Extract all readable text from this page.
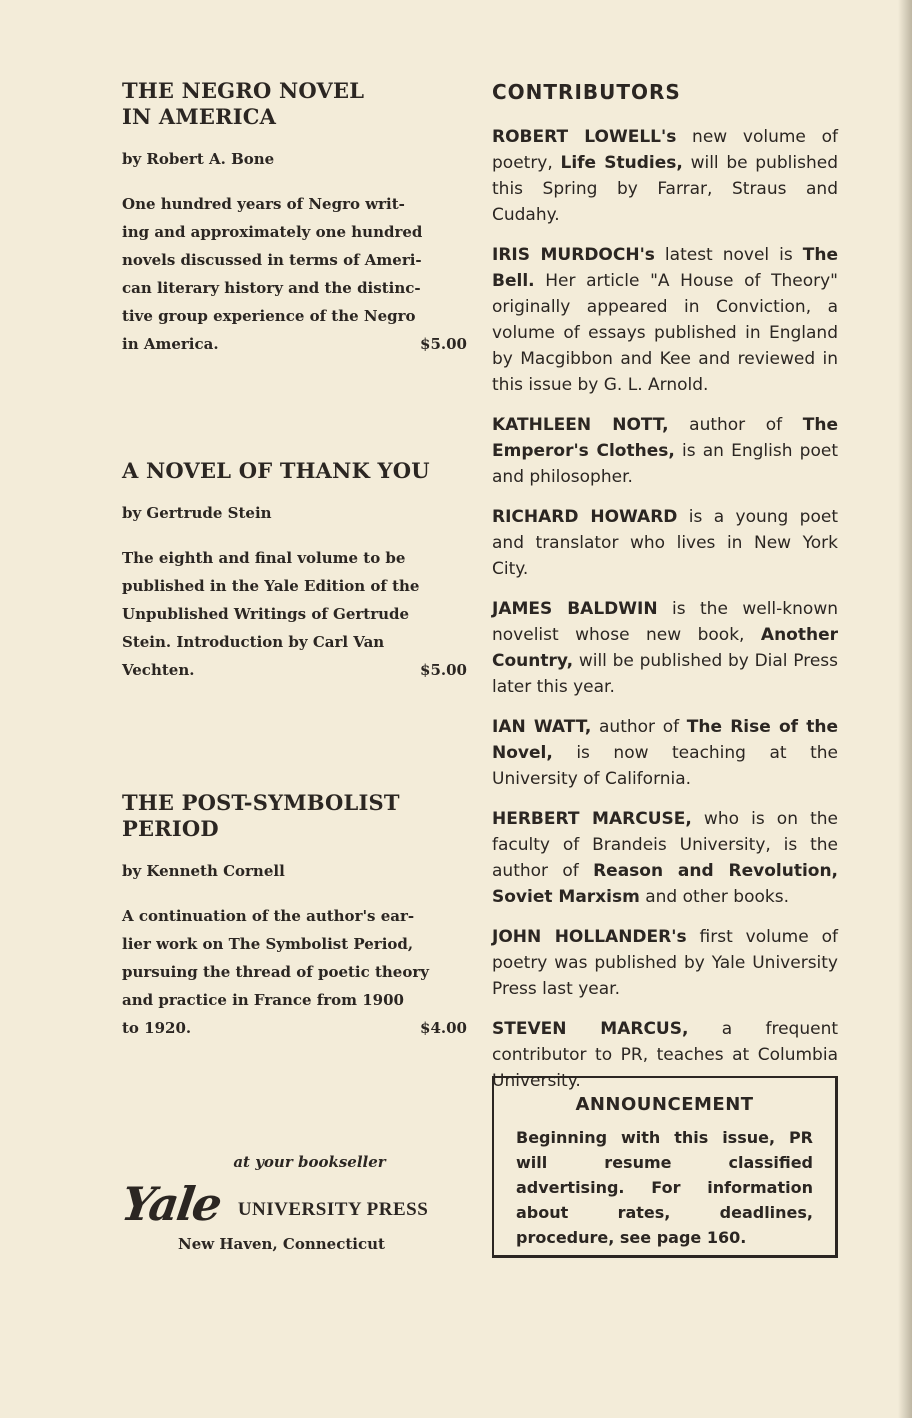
THE NEGRO NOVEL
IN AMERICA
by Robert A. Bone
One hundred years of Negro writ-
ing and approximately one hundred
novels discussed in terms of Ameri-
can literary history and the distinc-
tive group experience of the Negro
in America.	$5.00
A NOVEL OF THANK YOU
by Gertrude Stein
The eighth and final volume to be
published in the Yale Edition of the
Unpublished Writings of Gertrude
Stein. Introduction by Carl Van
Vechten.	$5.00
THE POST-SYMBOLIST
PERIOD
by Kenneth Cornell
A continuation of the author's ear-
lier work on The Symbolist Period,
pursuing the thread of poetic theory
and practice in France from 1900
to 1920.	$4.00
at your bookseller
Yale UNIVERSITY PRESS
New Haven, Connecticut
CONTRIBUTORS
ROBERT LOWELL's new volume of poetry, Life Studies, will be published this Spring by Farrar, Straus and Cudahy.
IRIS MURDOCH's latest novel is The Bell. Her article "A House of Theory" originally appeared in Conviction, a volume of essays published in England by Macgibbon and Kee and reviewed in this issue by G. L. Arnold.
KATHLEEN NOTT, author of The Emperor's Clothes, is an English poet and philosopher.
RICHARD HOWARD is a young poet and translator who lives in New York City.
JAMES BALDWIN is the well-known novelist whose new book, Another Country, will be published by Dial Press later this year.
IAN WATT, author of The Rise of the Novel, is now teaching at the University of California.
HERBERT MARCUSE, who is on the faculty of Brandeis University, is the author of Reason and Revolution, Soviet Marxism and other books.
JOHN HOLLANDER's first volume of poetry was published by Yale University Press last year.
STEVEN MARCUS, a frequent contributor to PR, teaches at Columbia University.
ANNOUNCEMENT
Beginning with this issue, PR will resume classified advertising. For information about rates, deadlines, procedure, see page 160.
